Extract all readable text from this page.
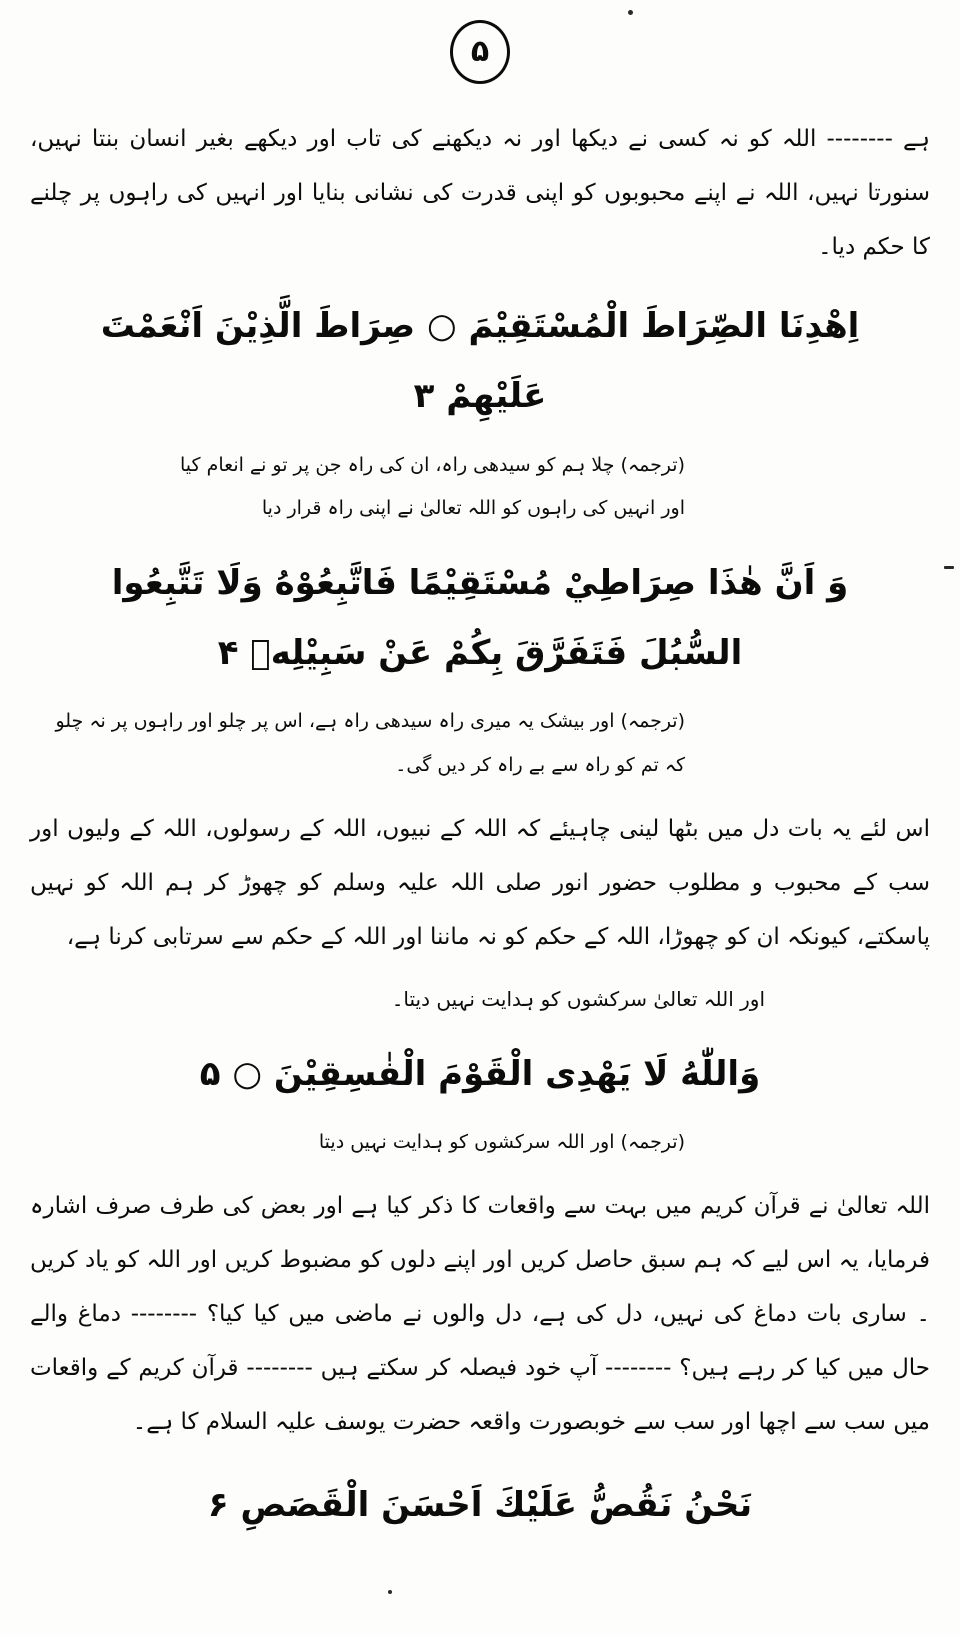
۵

ہے -------- اللہ کو نہ کسی نے دیکھا اور نہ دیکھنے کی تاب اور دیکھے بغیر انسان بنتا نہیں، سنورتا نہیں، اللہ نے اپنے محبوبوں کو اپنی قدرت کی نشانی بنایا اور انہیں کی راہوں پر چلنے کا حکم دیا۔

اِهْدِنَا الصِّرَاطَ الْمُسْتَقِيْمَ ○ صِرَاطَ الَّذِيْنَ اَنْعَمْتَ عَلَيْهِمْ ۳

(ترجمہ) چلا ہم کو سیدھی راہ، ان کی راہ جن پر تو نے انعام کیا

اور انہیں کی راہوں کو اللہ تعالیٰ نے اپنی راہ قرار دیا

وَ اَنَّ هٰذَا صِرَاطِيْ مُسْتَقِيْمًا فَاتَّبِعُوْهُ وَلَا تَتَّبِعُوا السُّبُلَ فَتَفَرَّقَ بِكُمْ عَنْ سَبِيْلِهٖ ۴

(ترجمہ) اور بیشک یہ میری راہ سیدھی راہ ہے، اس پر چلو اور راہوں پر نہ چلو کہ تم کو راہ سے بے راہ کر دیں گی۔

اس لئے یہ بات دل میں بٹھا لینی چاہیئے کہ اللہ کے نبیوں، اللہ کے رسولوں، اللہ کے ولیوں اور سب کے محبوب و مطلوب حضور انور صلی اللہ علیہ وسلم کو چھوڑ کر ہم اللہ کو نہیں پاسکتے، کیونکہ ان کو چھوڑا، اللہ کے حکم کو نہ ماننا اور اللہ کے حکم سے سرتابی کرنا ہے،

اور اللہ تعالیٰ سرکشوں کو ہدایت نہیں دیتا۔

وَاللّٰهُ لَا يَهْدِى الْقَوْمَ الْفٰسِقِيْنَ ○ ۵

(ترجمہ) اور اللہ سرکشوں کو ہدایت نہیں دیتا

اللہ تعالیٰ نے قرآن کریم میں بہت سے واقعات کا ذکر کیا ہے اور بعض کی طرف صرف اشارہ فرمایا، یہ اس لیے کہ ہم سبق حاصل کریں اور اپنے دلوں کو مضبوط کریں اور اللہ کو یاد کریں ۔ ساری بات دماغ کی نہیں، دل کی ہے، دل والوں نے ماضی میں کیا کیا؟ -------- دماغ والے حال میں کیا کر رہے ہیں؟ -------- آپ خود فیصلہ کر سکتے ہیں -------- قرآن کریم کے واقعات میں سب سے اچھا اور سب سے خوبصورت واقعہ حضرت یوسف علیہ السلام کا ہے۔

نَحْنُ نَقُصُّ عَلَيْكَ اَحْسَنَ الْقَصَصِ ۶
